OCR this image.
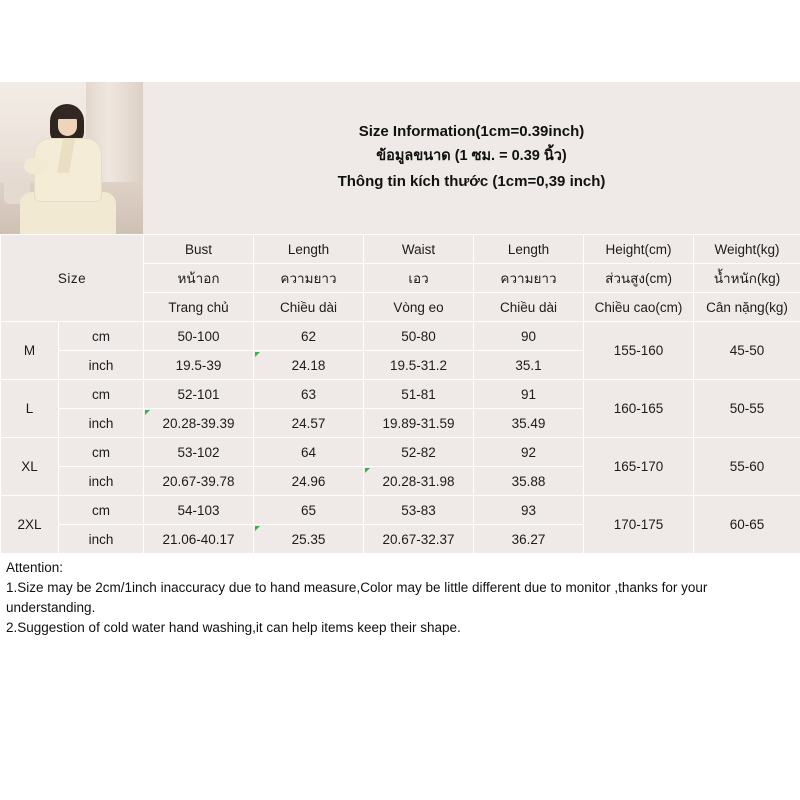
Size Information(1cm=0.39inch)
ข้อมูลขนาด (1 ซม. = 0.39 นิ้ว)
Thông tin kích thước (1cm=0,39 inch)
Size		Bust	Length	Waist	Length	Height(cm)	Weight(kg)
		หน้าอก	ความยาว	เอว	ความยาว	ส่วนสูง(cm)	น้ำหนัก(kg)
		Trang chủ	Chiều dài	Vòng eo	Chiều dài	Chiều cao(cm)	Cân nặng(kg)
M	cm	50-100	62	50-80	90	155-160	45-50
	inch	19.5-39	24.18	19.5-31.2	35.1		
L	cm	52-101	63	51-81	91	160-165	50-55
	inch	20.28-39.39	24.57	19.89-31.59	35.49		
XL	cm	53-102	64	52-82	92	165-170	55-60
	inch	20.67-39.78	24.96	20.28-31.98	35.88		
2XL	cm	54-103	65	53-83	93	170-175	60-65
	inch	21.06-40.17	25.35	20.67-32.37	36.27		
Attention:
1.Size may be 2cm/1inch inaccuracy due to hand measure,Color may be little different due to monitor ,thanks for your
understanding.
2.Suggestion of cold water hand washing,it can help items keep their shape.
